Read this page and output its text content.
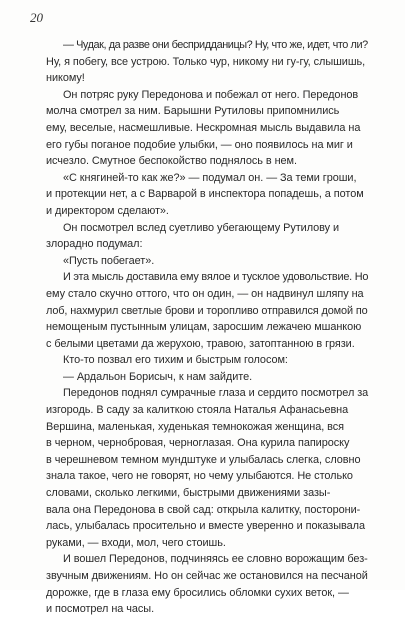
20
— Чудак, да разве они беспридданицы? Ну, что же, идет, что ли?
Ну, я побегу, все устрою. Только чур, никому ни гу-гу, слышишь,
никому!
Он потряс руку Передонова и побежал от него. Передонов
молча смотрел за ним. Барышни Рутиловы припомнились
ему, веселые, насмешливые. Нескромная мысль выдавила на
его губы поганое подобие улыбки, — оно появилось на миг и
исчезло. Смутное беспокойство поднялось в нем.
«С княгиней-то как же?» — подумал он. — За теми гроши,
и протекции нет, а с Варварой в инспектора попадешь, а потом
и директором сделают».
Он посмотрел вслед суетливо убегающему Рутилову и
злорадно подумал:
«Пусть побегает».
И эта мысль доставила ему вялое и тусклое удовольствие. Но
ему стало скучно оттого, что он один, — он надвинул шляпу на
лоб, нахмурил светлые брови и торопливо отправился домой по
немощеным пустынным улицам, заросшим лежачею мшанкою
с белыми цветами да жерухою, травою, затоптанною в грязи.
Кто-то позвал его тихим и быстрым голосом:
— Ардальон Борисыч, к нам зайдите.
Передонов поднял сумрачные глаза и сердито посмотрел за
изгородь. В саду за калиткою стояла Наталья Афанасьевна
Вершина, маленькая, худенькая темнокожая женщина, вся
в черном, чернобровая, черноглазая. Она курила папироску
в черешневом темном мундштуке и улыбалась слегка, словно
знала такое, чего не говорят, но чему улыбаются. Не столько
словами, сколько легкими, быстрыми движениями зазы-
вала она Передонова в свой сад: открыла калитку, посторони-
лась, улыбалась просительно и вместе уверенно и показывала
руками, — входи, мол, чего стоишь.
И вошел Передонов, подчиняясь ее словно ворожащим без-
звучным движениям. Но он сейчас же остановился на песчаной
дорожке, где в глаза ему бросились обломки сухих веток, —
и посмотрел на часы.
